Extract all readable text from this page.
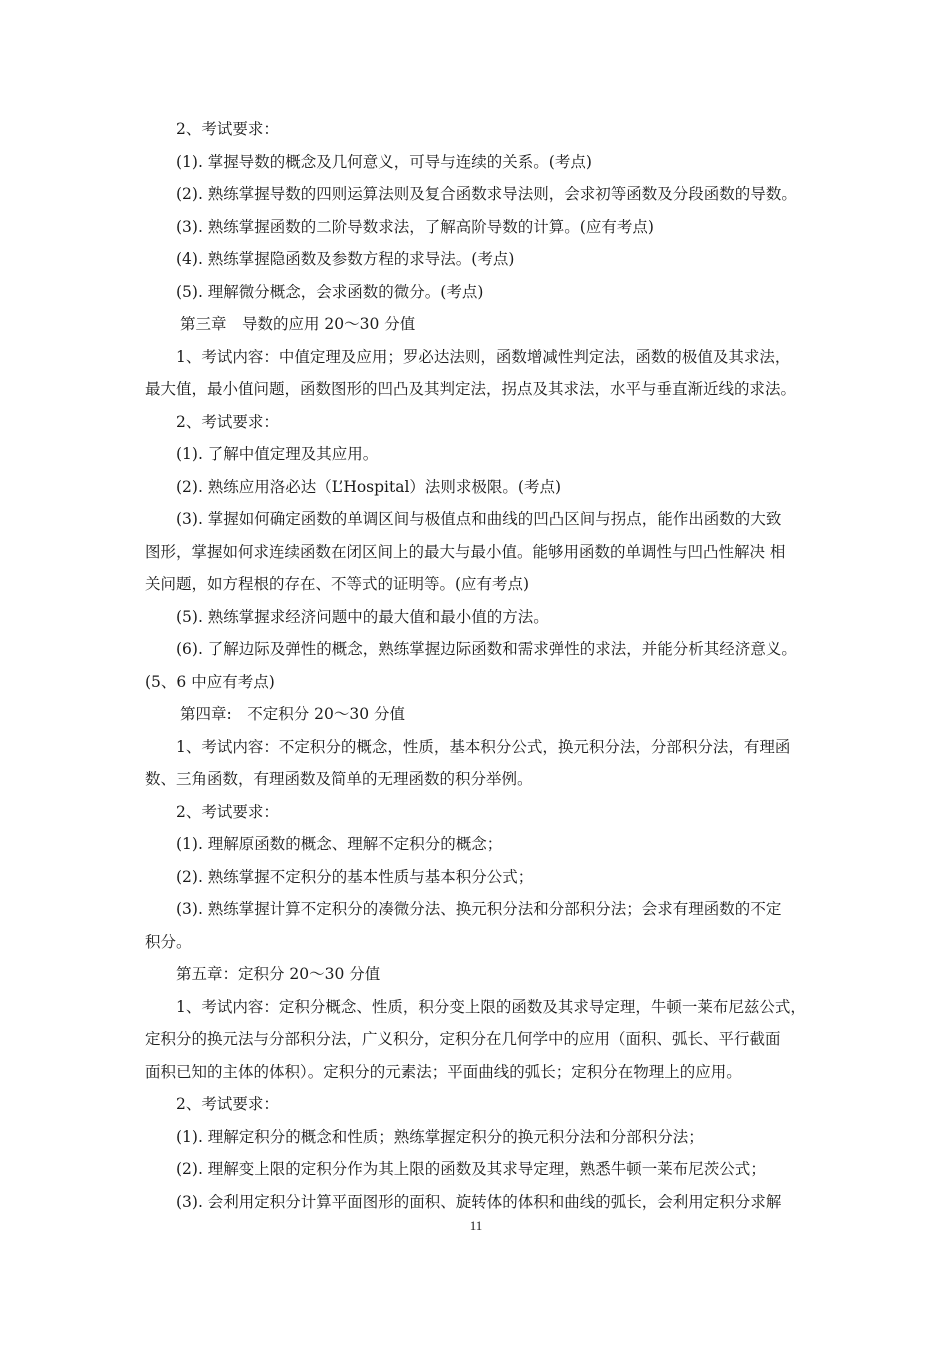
2、考试要求：

(1). 掌握导数的概念及几何意义，可导与连续的关系。(考点)

(2). 熟练掌握导数的四则运算法则及复合函数求导法则，会求初等函数及分段函数的导数。

(3). 熟练掌握函数的二阶导数求法，了解高阶导数的计算。(应有考点)

(4). 熟练掌握隐函数及参数方程的求导法。(考点)

(5). 理解微分概念，会求函数的微分。(考点)

第三章　导数的应用 20～30 分值

1、考试内容：中值定理及应用；罗必达法则，函数增减性判定法，函数的极值及其求法，

最大值，最小值问题，函数图形的凹凸及其判定法，拐点及其求法，水平与垂直渐近线的求法。

2、考试要求：

(1). 了解中值定理及其应用。

(2). 熟练应用洛必达（L’Hospital）法则求极限。(考点)

(3). 掌握如何确定函数的单调区间与极值点和曲线的凹凸区间与拐点，能作出函数的大致

图形，掌握如何求连续函数在闭区间上的最大与最小值。能够用函数的单调性与凹凸性解决 相

关问题，如方程根的存在、不等式的证明等。(应有考点)

(5). 熟练掌握求经济问题中的最大值和最小值的方法。

(6). 了解边际及弹性的概念，熟练掌握边际函数和需求弹性的求法，并能分析其经济意义。

(5、6 中应有考点)

第四章:　不定积分 20～30 分值

1、考试内容：不定积分的概念，性质，基本积分公式，换元积分法，分部积分法，有理函

数、三角函数，有理函数及简单的无理函数的积分举例。

2、考试要求：

(1). 理解原函数的概念、理解不定积分的概念；

(2). 熟练掌握不定积分的基本性质与基本积分公式；

(3). 熟练掌握计算不定积分的凑微分法、换元积分法和分部积分法；会求有理函数的不定

积分。

第五章：定积分 20～30 分值

1、考试内容：定积分概念、性质，积分变上限的函数及其求导定理，牛顿一莱布尼兹公式，

定积分的换元法与分部积分法，广义积分，定积分在几何学中的应用（面积、弧长、平行截面

面积已知的主体的体积）。定积分的元素法；平面曲线的弧长；定积分在物理上的应用。

2、考试要求：

(1). 理解定积分的概念和性质；熟练掌握定积分的换元积分法和分部积分法；

(2). 理解变上限的定积分作为其上限的函数及其求导定理，熟悉牛顿一莱布尼茨公式；

(3). 会利用定积分计算平面图形的面积、旋转体的体积和曲线的弧长，会利用定积分求解

11
